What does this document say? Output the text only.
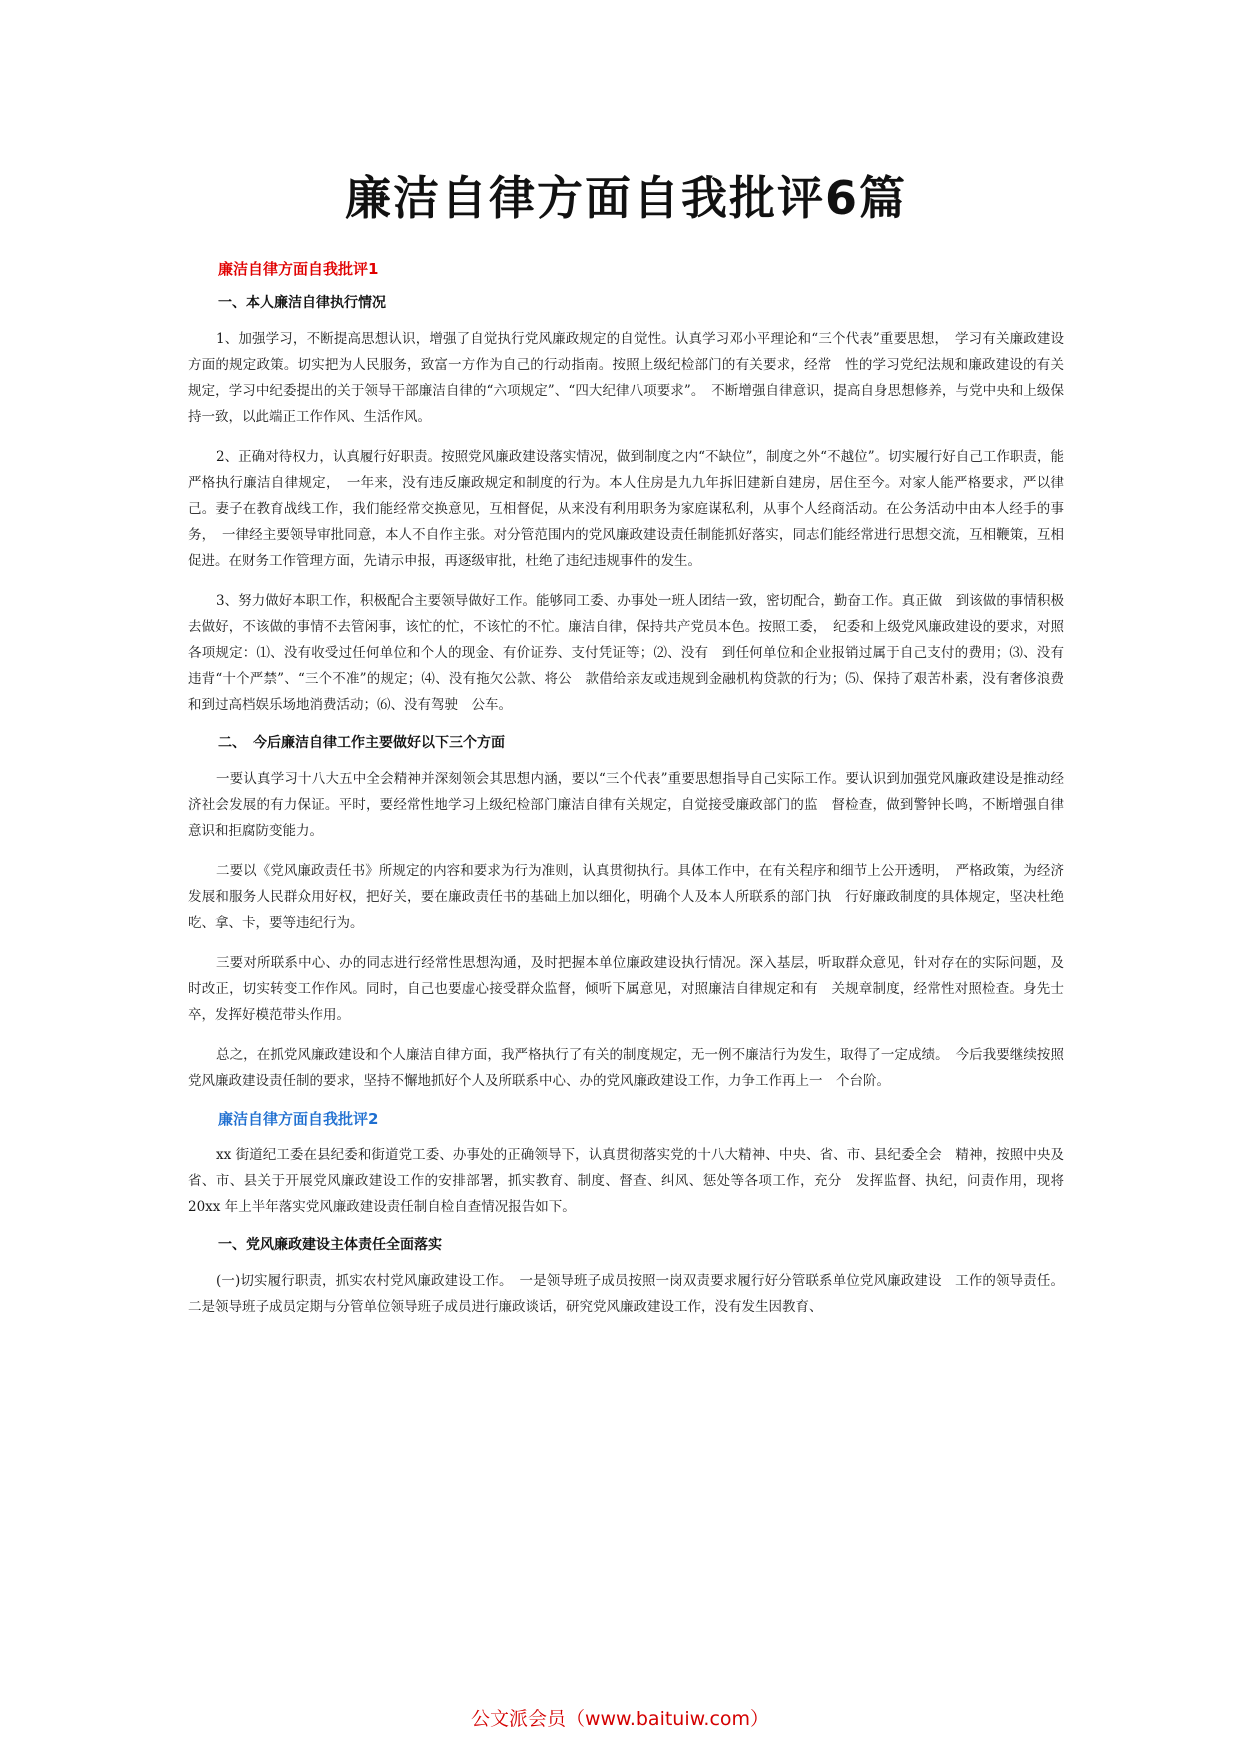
廉洁自律方面自我批评6篇
廉洁自律方面自我批评1
一、本人廉洁自律执行情况

1、加强学习，不断提高思想认识，增强了自觉执行党风廉政规定的自觉性。认真学习邓小平理论和“三个代表”重要思想，　学习有关廉政建设方面的规定政策。切实把为人民服务，致富一方作为自己的行动指南。按照上级纪检部门的有关要求，经常　性的学习党纪法规和廉政建设的有关规定，学习中纪委提出的关于领导干部廉洁自律的“六项规定”、“四大纪律八项要求”。　不断增强自律意识，提高自身思想修养，与党中央和上级保持一致，以此端正工作作风、生活作风。

2、正确对待权力，认真履行好职责。按照党风廉政建设落实情况，做到制度之内“不缺位”，制度之外“不越位”。切实履行好自己工作职责，能严格执行廉洁自律规定，　一年来，没有违反廉政规定和制度的行为。本人住房是九九年拆旧建新自建房，居住至今。对家人能严格要求，严以律己。妻子在教育战线工作，我们能经常交换意见，互相督促，从来没有利用职务为家庭谋私利，从事个人经商活动。在公务活动中由本人经手的事务，　一律经主要领导审批同意，本人不自作主张。对分管范围内的党风廉政建设责任制能抓好落实，同志们能经常进行思想交流，互相鞭策，互相促进。在财务工作管理方面，先请示申报，再逐级审批，杜绝了违纪违规事件的发生。

3、努力做好本职工作，积极配合主要领导做好工作。能够同工委、办事处一班人团结一致，密切配合，勤奋工作。真正做　到该做的事情积极去做好，不该做的事情不去管闲事，该忙的忙，不该忙的不忙。廉洁自律，保持共产党员本色。按照工委，　纪委和上级党风廉政建设的要求，对照各项规定：⑴、没有收受过任何单位和个人的现金、有价证券、支付凭证等；⑵、没有　到任何单位和企业报销过属于自己支付的费用；⑶、没有违背“十个严禁”、“三个不准”的规定；⑷、没有拖欠公款、将公　款借给亲友或违规到金融机构贷款的行为；⑸、保持了艰苦朴素，没有奢侈浪费和到过高档娱乐场地消费活动；⑹、没有驾驶　公车。

二、　今后廉洁自律工作主要做好以下三个方面

一要认真学习十八大五中全会精神并深刻领会其思想内涵，要以“三个代表”重要思想指导自己实际工作。要认识到加强党风廉政建设是推动经济社会发展的有力保证。平时，要经常性地学习上级纪检部门廉洁自律有关规定，自觉接受廉政部门的监　督检查，做到警钟长鸣，不断增强自律意识和拒腐防变能力。

二要以《党风廉政责任书》所规定的内容和要求为行为准则，认真贯彻执行。具体工作中，在有关程序和细节上公开透明，　严格政策，为经济发展和服务人民群众用好权，把好关，要在廉政责任书的基础上加以细化，明确个人及本人所联系的部门执　行好廉政制度的具体规定，坚决杜绝吃、拿、卡，要等违纪行为。

三要对所联系中心、办的同志进行经常性思想沟通，及时把握本单位廉政建设执行情况。深入基层，听取群众意见，针对存在的实际问题，及时改正，切实转变工作作风。同时，自己也要虚心接受群众监督，倾听下属意见，对照廉洁自律规定和有　关规章制度，经常性对照检查。身先士卒，发挥好模范带头作用。

总之，在抓党风廉政建设和个人廉洁自律方面，我严格执行了有关的制度规定，无一例不廉洁行为发生，取得了一定成绩。　今后我要继续按照党风廉政建设责任制的要求，坚持不懈地抓好个人及所联系中心、办的党风廉政建设工作，力争工作再上一　个台阶。

廉洁自律方面自我批评2

xx 街道纪工委在县纪委和街道党工委、办事处的正确领导下，认真贯彻落实党的十八大精神、中央、省、市、县纪委全会　精神，按照中央及省、市、县关于开展党风廉政建设工作的安排部署，抓实教育、制度、督查、纠风、惩处等各项工作，充分　发挥监督、执纪，问责作用，现将 20xx 年上半年落实党风廉政建设责任制自检自查情况报告如下。

一、党风廉政建设主体责任全面落实

(一)切实履行职责，抓实农村党风廉政建设工作。　一是领导班子成员按照一岗双责要求履行好分管联系单位党风廉政建设　工作的领导责任。二是领导班子成员定期与分管单位领导班子成员进行廉政谈话，研究党风廉政建设工作，没有发生因教育、

公文派会员（www.baituiw.com）
